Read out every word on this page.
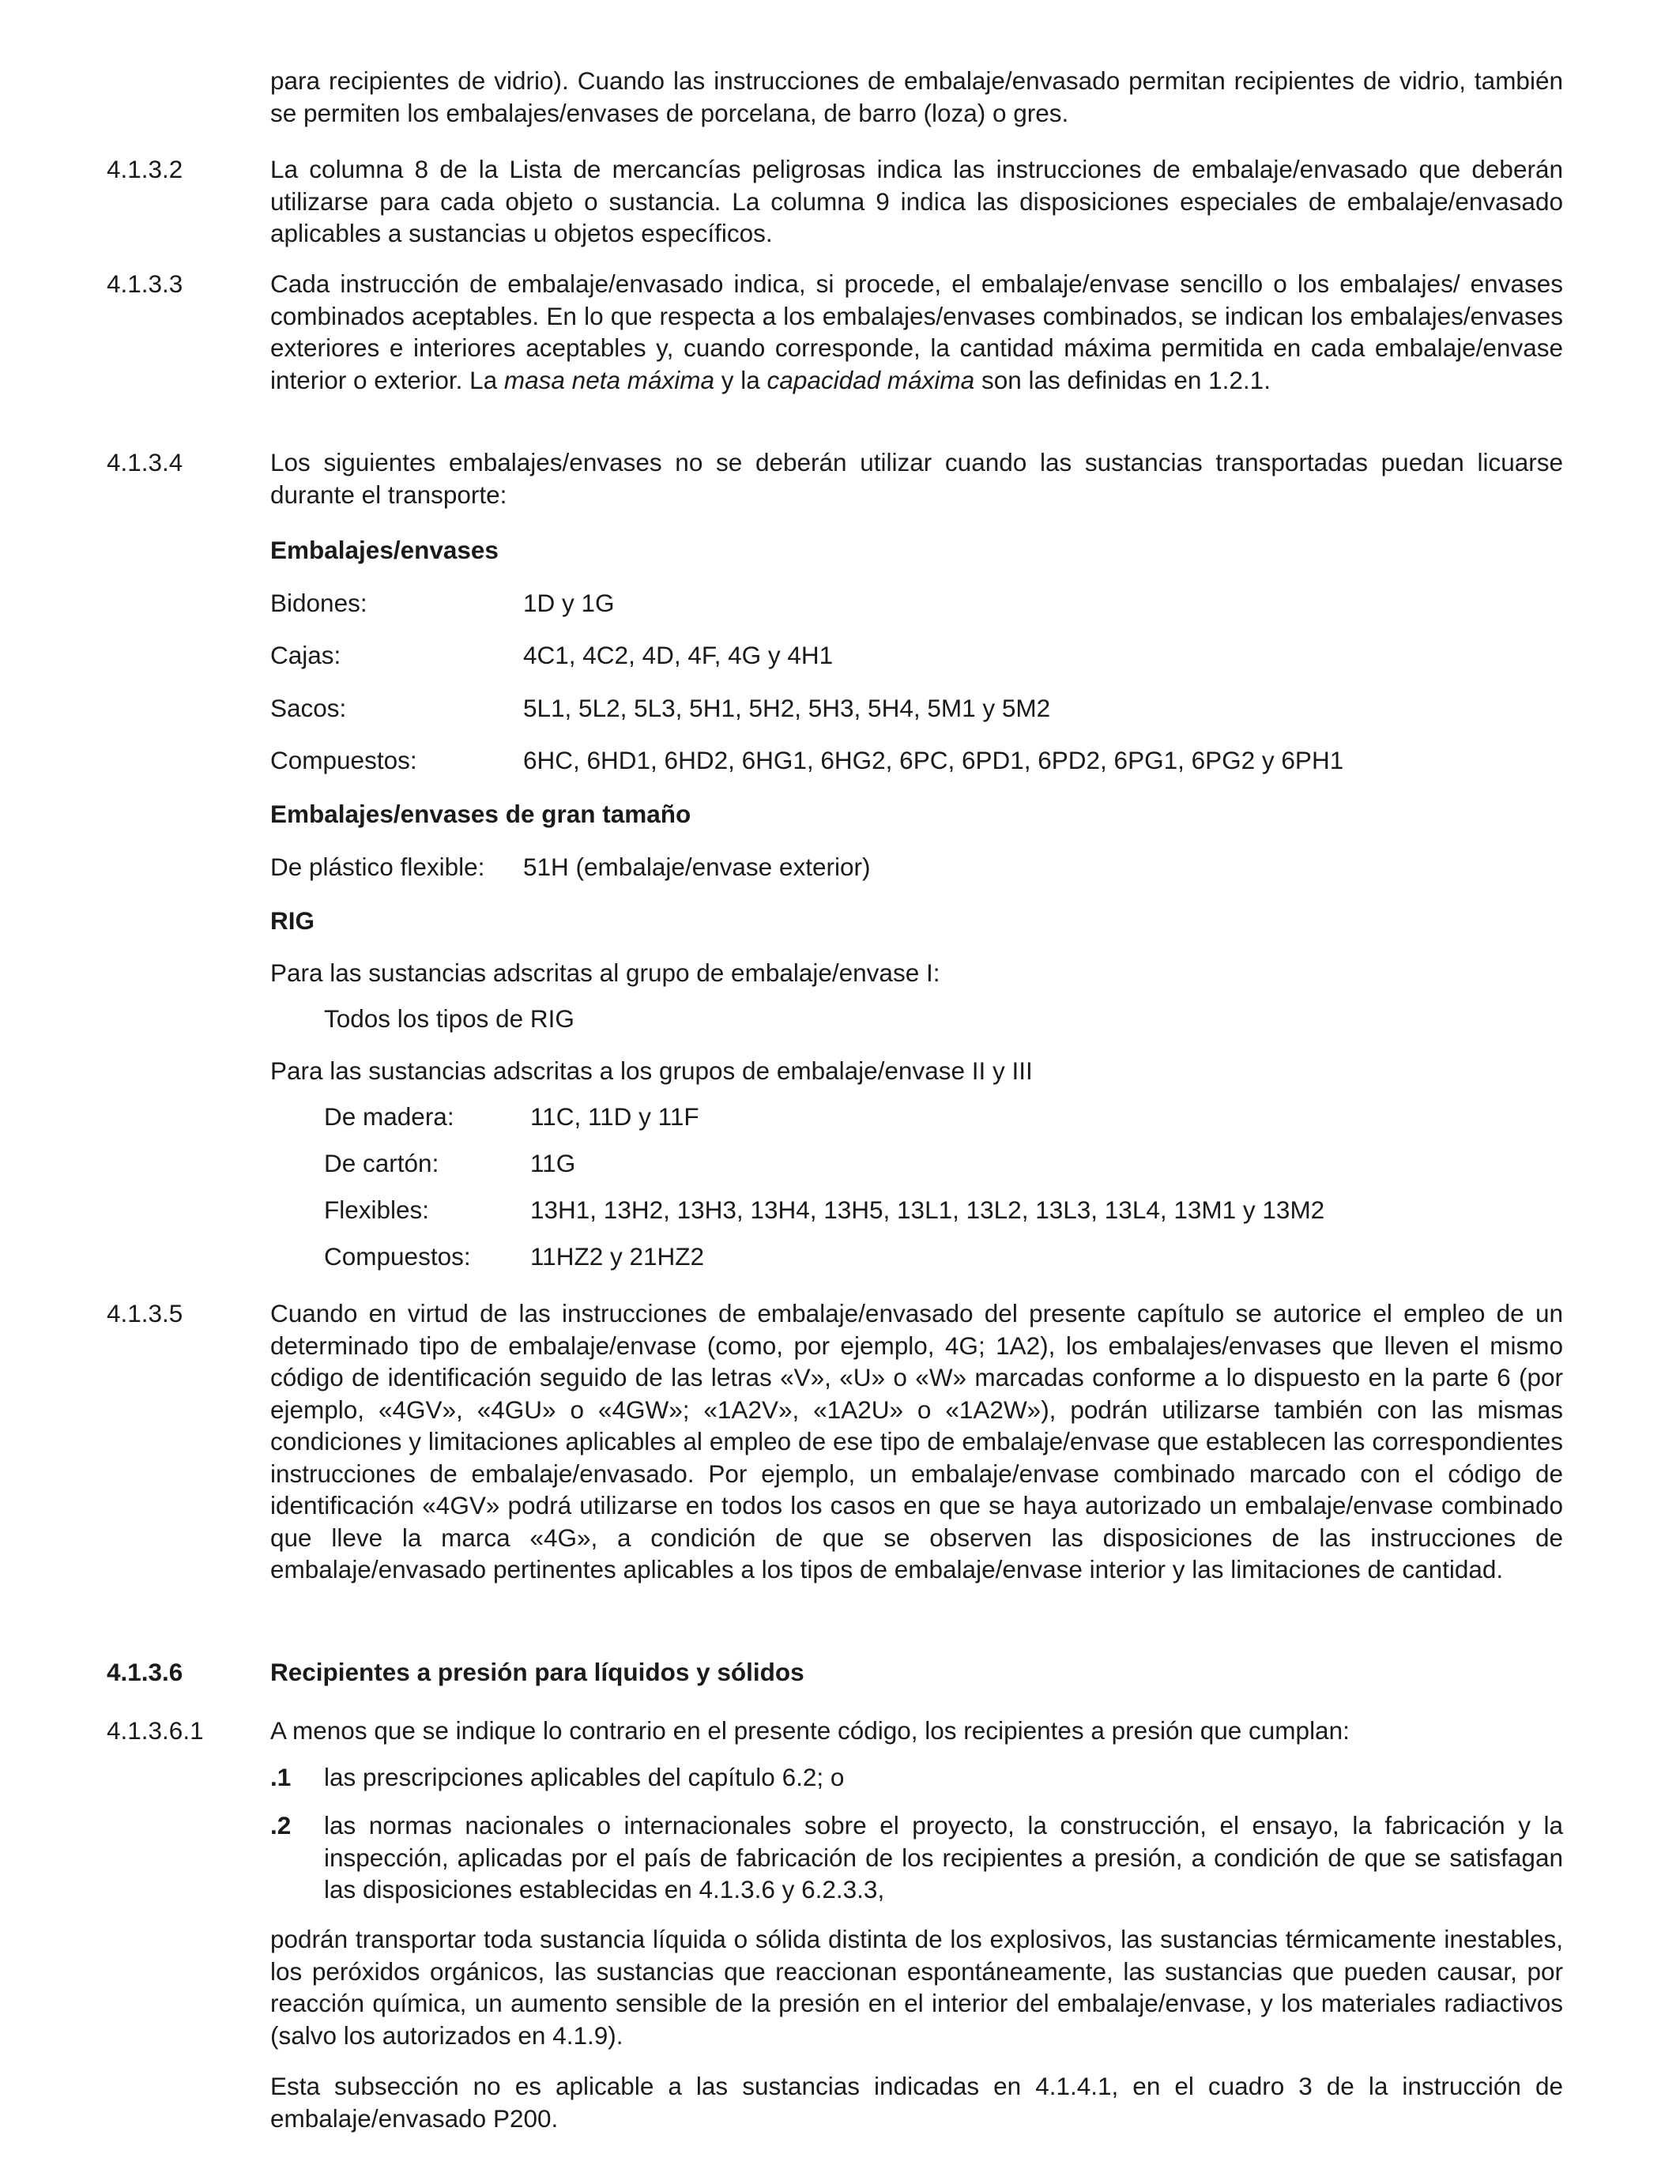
para recipientes de vidrio). Cuando las instrucciones de embalaje/envasado permitan recipientes de vidrio, también se permiten los embalajes/envases de porcelana, de barro (loza) o gres.
4.1.3.2	La columna 8 de la Lista de mercancías peligrosas indica las instrucciones de embalaje/envasado que deberán utilizarse para cada objeto o sustancia. La columna 9 indica las disposiciones especiales de embalaje/envasado aplicables a sustancias u objetos específicos.
4.1.3.3	Cada instrucción de embalaje/envasado indica, si procede, el embalaje/envase sencillo o los embalajes/ envases combinados aceptables. En lo que respecta a los embalajes/envases combinados, se indican los embalajes/envases exteriores e interiores aceptables y, cuando corresponde, la cantidad máxima permitida en cada embalaje/envase interior o exterior. La masa neta máxima y la capacidad máxima son las definidas en 1.2.1.
4.1.3.4	Los siguientes embalajes/envases no se deberán utilizar cuando las sustancias transportadas puedan licuarse durante el transporte:
Embalajes/envases
Bidones:	1D y 1G
Cajas:	4C1, 4C2, 4D, 4F, 4G y 4H1
Sacos:	5L1, 5L2, 5L3, 5H1, 5H2, 5H3, 5H4, 5M1 y 5M2
Compuestos:	6HC, 6HD1, 6HD2, 6HG1, 6HG2, 6PC, 6PD1, 6PD2, 6PG1, 6PG2 y 6PH1
Embalajes/envases de gran tamaño
De plástico flexible: 51H (embalaje/envase exterior)
RIG
Para las sustancias adscritas al grupo de embalaje/envase I:
Todos los tipos de RIG
Para las sustancias adscritas a los grupos de embalaje/envase II y III
De madera:	11C, 11D y 11F
De cartón:	11G
Flexibles:	13H1, 13H2, 13H3, 13H4, 13H5, 13L1, 13L2, 13L3, 13L4, 13M1 y 13M2
Compuestos: 11HZ2 y 21HZ2
4.1.3.5	Cuando en virtud de las instrucciones de embalaje/envasado del presente capítulo se autorice el empleo de un determinado tipo de embalaje/envase (como, por ejemplo, 4G; 1A2), los embalajes/envases que lleven el mismo código de identificación seguido de las letras «V», «U» o «W» marcadas conforme a lo dispuesto en la parte 6 (por ejemplo, «4GV», «4GU» o «4GW»; «1A2V», «1A2U» o «1A2W»), podrán utilizarse también con las mismas condiciones y limitaciones aplicables al empleo de ese tipo de embalaje/envase que establecen las correspondientes instrucciones de embalaje/envasado. Por ejemplo, un embalaje/envase combinado marcado con el código de identificación «4GV» podrá utilizarse en todos los casos en que se haya autorizado un embalaje/envase combinado que lleve la marca «4G», a condición de que se observen las disposiciones de las instrucciones de embalaje/envasado pertinentes aplicables a los tipos de embalaje/envase interior y las limitaciones de cantidad.
4.1.3.6	Recipientes a presión para líquidos y sólidos
4.1.3.6.1	A menos que se indique lo contrario en el presente código, los recipientes a presión que cumplan:
.1 las prescripciones aplicables del capítulo 6.2; o
.2 las normas nacionales o internacionales sobre el proyecto, la construcción, el ensayo, la fabricación y la inspección, aplicadas por el país de fabricación de los recipientes a presión, a condición de que se satisfagan las disposiciones establecidas en 4.1.3.6 y 6.2.3.3,
podrán transportar toda sustancia líquida o sólida distinta de los explosivos, las sustancias térmicamente inestables, los peróxidos orgánicos, las sustancias que reaccionan espontáneamente, las sustancias que pueden causar, por reacción química, un aumento sensible de la presión en el interior del embalaje/envase, y los materiales radiactivos (salvo los autorizados en 4.1.9).
Esta subsección no es aplicable a las sustancias indicadas en 4.1.4.1, en el cuadro 3 de la instrucción de embalaje/envasado P200.
